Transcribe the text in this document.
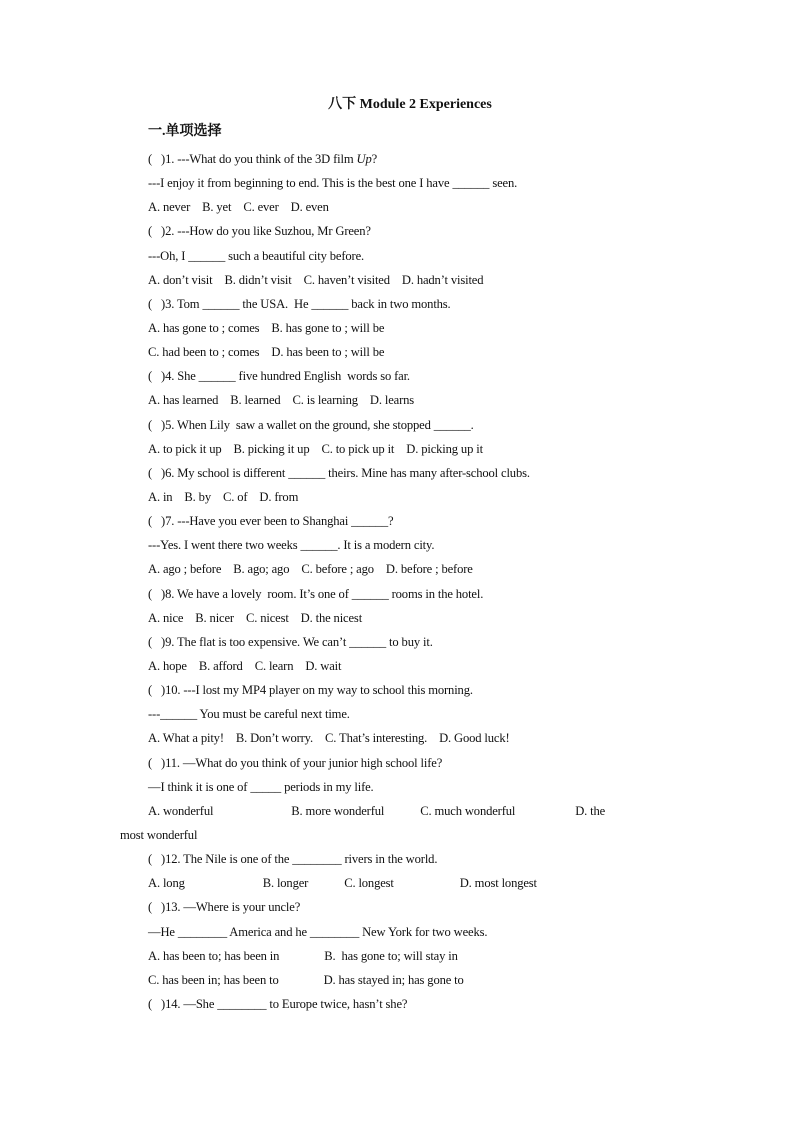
八下 Module 2 Experiences
一.单项选择
(   )1. ---What do you think of the 3D film Up?
---I enjoy it from beginning to end. This is the best one I have ______ seen.
A. never    B. yet    C. ever    D. even
(   )2. ---How do you like Suzhou, Mr Green?
---Oh, I ______ such a beautiful city before.
A. don’t visit    B. didn’t visit    C. haven’t visited    D. hadn’t visited
(   )3. Tom ______ the USA.  He ______ back in two months.
A. has gone to ; comes    B. has gone to ; will be
C. had been to ; comes    D. has been to ; will be
(   )4. She ______ five hundred English  words so far.
A. has learned    B. learned    C. is learning    D. learns
(   )5. When Lily  saw a wallet on the ground, she stopped ______.
A. to pick it up    B. picking it up    C. to pick up it    D. picking up it
(   )6. My school is different ______ theirs. Mine has many after-school clubs.
A. in    B. by    C. of    D. from
(   )7. ---Have you ever been to Shanghai ______?
---Yes. I went there two weeks ______. It is a modern city.
A. ago ; before    B. ago; ago    C. before ; ago    D. before ; before
(   )8. We have a lovely  room. It’s one of ______ rooms in the hotel.
A. nice    B. nicer    C. nicest    D. the nicest
(   )9. The flat is too expensive. We can’t ______ to buy it.
A. hope    B. afford    C. learn    D. wait
(   )10. ---I lost my MP4 player on my way to school this morning.
---______ You must be careful next time.
A. What a pity!    B. Don’t worry.    C. That’s interesting.    D. Good luck!
(   )11. —What do you think of your junior high school life?
—I think it is one of _____ periods in my life.
A. wonderful                          B. more wonderful            C. much wonderful                    D. the
most wonderful
(   )12. The Nile is one of the ________ rivers in the world.
A. long                          B. longer            C. longest                      D. most longest
(   )13. —Where is your uncle?
—He ________ America and he ________ New York for two weeks.
A. has been to; has been in               B.  has gone to; will stay in
C. has been in; has been to               D. has stayed in; has gone to
(   )14. —She ________ to Europe twice, hasn’t she?
